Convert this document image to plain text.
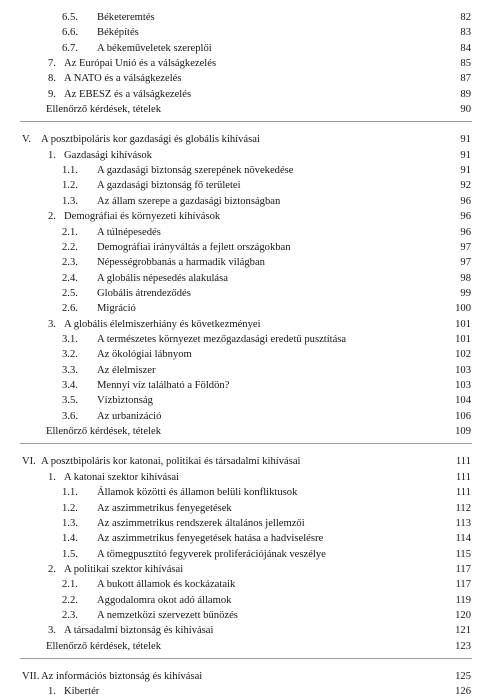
6.5. Béketeremtés	82
6.6. Béképítés	83
6.7. A békeműveletek szereplői	84
7. Az Európai Unió és a válságkezelés	85
8. A NATO és a válságkezelés	87
9. Az EBESZ és a válságkezelés	89
Ellenőrző kérdések, tételek	90
V. A posztbipoláris kor gazdasági és globális kihívásai	91
1. Gazdasági kihívások	91
1.1. A gazdasági biztonság szerepének növekedése	91
1.2. A gazdasági biztonság fő területei	92
1.3. Az állam szerepe a gazdasági biztonságban	96
2. Demográfiai és környezeti kihívások	96
2.1. A túlnépesedés	96
2.2. Demográfiai irányváltás a fejlett országokban	97
2.3. Népességrobbanás a harmadik világban	97
2.4. A globális népesedés alakulása	98
2.5. Globális átrendeződés	99
2.6. Migráció	100
3. A globális élelmiszerhiány és következményei	101
3.1. A természetes környezet mezőgazdasági eredetű pusztítása	101
3.2. Az ökológiai lábnyom	102
3.3. Az élelmiszer	103
3.4. Mennyi víz található a Földön?	103
3.5. Vízbiztonság	104
3.6. Az urbanizáció	106
Ellenőrző kérdések, tételek	109
VI. A posztbipoláris kor katonai, politikai és társadalmi kihívásai	111
1. A katonai szektor kihívásai	111
1.1. Államok közötti és államon belüli konfliktusok	111
1.2. Az aszimmetrikus fenyegetések	112
1.3. Az aszimmetrikus rendszerek általános jellemzői	113
1.4. Az aszimmetrikus fenyegetések hatása a hadviselésre	114
1.5. A tömegpusztító fegyverek proliferációjának veszélye	115
2. A politikai szektor kihívásai	117
2.1. A bukott államok és kockázataik	117
2.2. Aggodalomra okot adó államok	119
2.3. A nemzetközi szervezett bűnözés	120
3. A társadalmi biztonság és kihívásai	121
Ellenőrző kérdések, tételek	123
VII. Az információs biztonság és kihívásai	125
1. Kibertér	126
